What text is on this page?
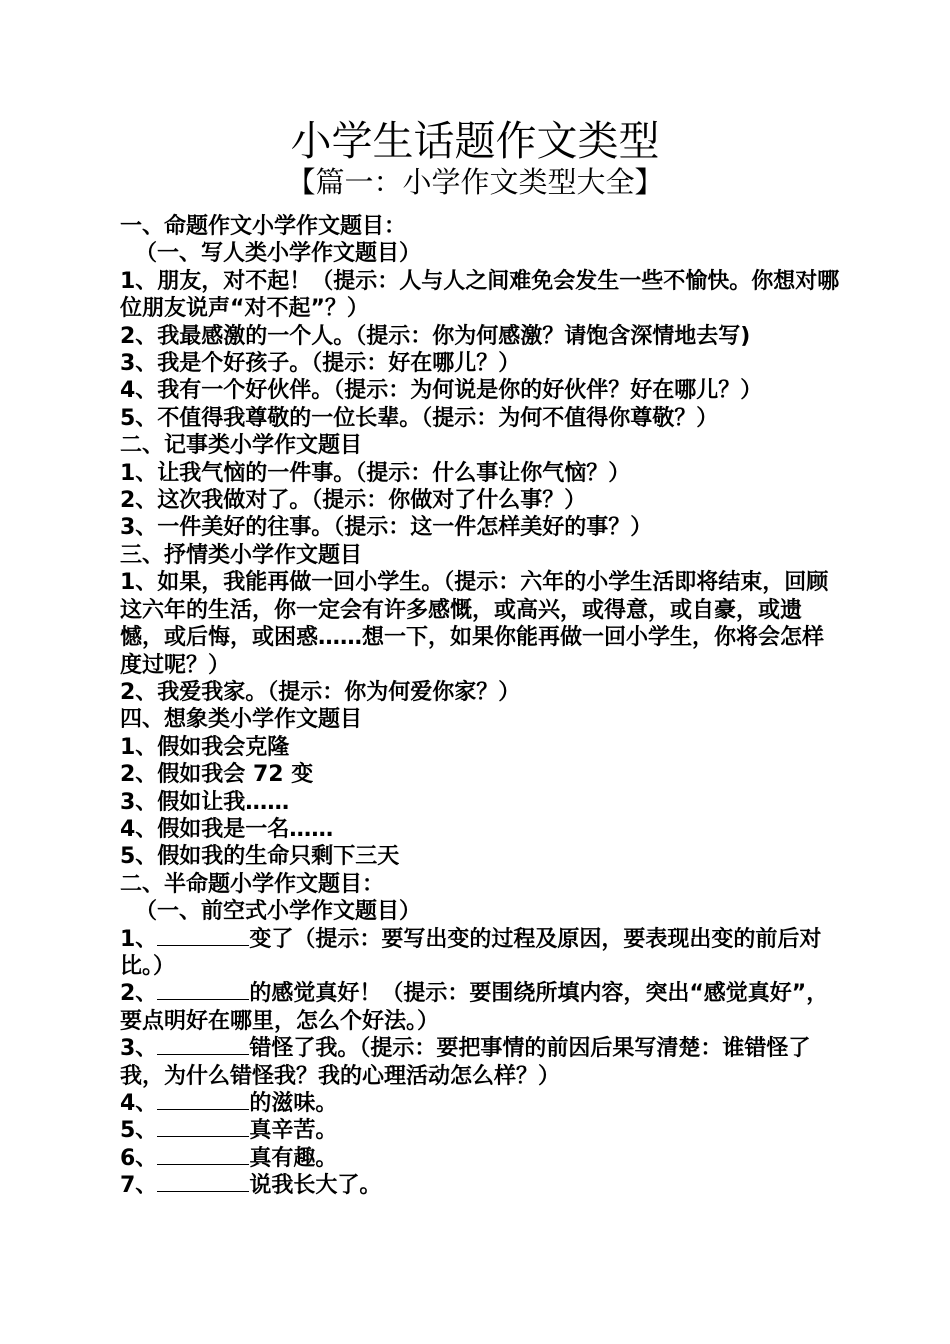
小学生话题作文类型
【篇一：小学作文类型大全】

一、命题作文小学作文题目：

（一、写人类小学作文题目）

1、朋友，对不起！（提示：人与人之间难免会发生一些不愉快。你想对哪位朋友说声“对不起”？）

2、我最感激的一个人。（提示：你为何感激？请饱含深情地去写)

3、我是个好孩子。（提示：好在哪儿？）

4、我有一个好伙伴。（提示：为何说是你的好伙伴？好在哪儿？）

5、不值得我尊敬的一位长辈。（提示：为何不值得你尊敬？）

二、记事类小学作文题目

1、让我气恼的一件事。（提示：什么事让你气恼？）

2、这次我做对了。（提示：你做对了什么事？）

3、一件美好的往事。（提示：这一件怎样美好的事？）

三、抒情类小学作文题目

1、如果，我能再做一回小学生。（提示：六年的小学生活即将结束，回顾这六年的生活，你一定会有许多感慨，或高兴，或得意，或自豪，或遗憾，或后悔，或困惑……想一下，如果你能再做一回小学生，你将会怎样度过呢？）

2、我爱我家。（提示：你为何爱你家？）

四、想象类小学作文题目

1、假如我会克隆

2、假如我会 72 变

3、假如让我……

4、假如我是一名……

5、假如我的生命只剩下三天

二、半命题小学作文题目：

（一、前空式小学作文题目）

1、	变了（提示：要写出变的过程及原因，要表现出变的前后对比。）

2、	的感觉真好！（提示：要围绕所填内容，突出“感觉真好”，要点明好在哪里，怎么个好法。）

3、	错怪了我。（提示：要把事情的前因后果写清楚：谁错怪了我，为什么错怪我？我的心理活动怎么样？）

4、	的滋味。

5、	真辛苦。

6、	真有趣。

7、	说我长大了。
